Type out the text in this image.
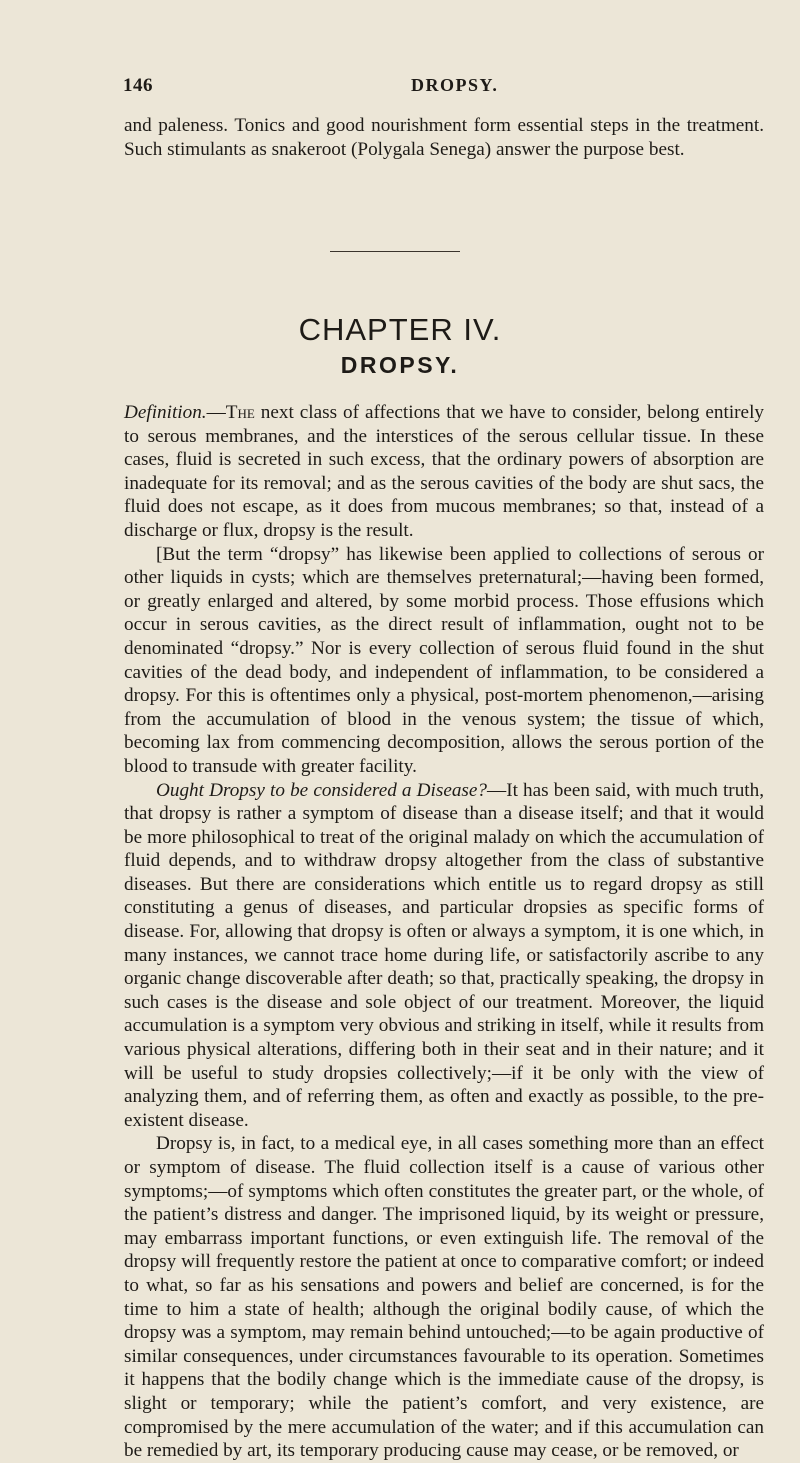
146	DROPSY.
and paleness. Tonics and good nourishment form essential steps in the treatment. Such stimulants as snakeroot (Polygala Senega) answer the purpose best.
CHAPTER IV.
DROPSY.

Definition.—The next class of affections that we have to consider, belong entirely to serous membranes, and the interstices of the serous cellular tissue. In these cases, fluid is secreted in such excess, that the ordinary powers of absorption are inadequate for its removal; and as the serous cavities of the body are shut sacs, the fluid does not escape, as it does from mucous membranes; so that, instead of a discharge or flux, dropsy is the result.

[But the term “dropsy” has likewise been applied to collections of serous or other liquids in cysts; which are themselves preternatural;—having been formed, or greatly enlarged and altered, by some morbid process. Those effusions which occur in serous cavities, as the direct result of inflammation, ought not to be denominated “dropsy.” Nor is every collection of serous fluid found in the shut cavities of the dead body, and independent of inflammation, to be considered a dropsy. For this is oftentimes only a physical, post-mortem phenomenon,—arising from the accumulation of blood in the venous system; the tissue of which, becoming lax from commencing decomposition, allows the serous portion of the blood to transude with greater facility.

Ought Dropsy to be considered a Disease?—It has been said, with much truth, that dropsy is rather a symptom of disease than a disease itself; and that it would be more philosophical to treat of the original malady on which the accumulation of fluid depends, and to withdraw dropsy altogether from the class of substantive diseases. But there are considerations which entitle us to regard dropsy as still constituting a genus of diseases, and particular dropsies as specific forms of disease. For, allowing that dropsy is often or always a symptom, it is one which, in many instances, we cannot trace home during life, or satisfactorily ascribe to any organic change discoverable after death; so that, practically speaking, the dropsy in such cases is the disease and sole object of our treatment. Moreover, the liquid accumulation is a symptom very obvious and striking in itself, while it results from various physical alterations, differing both in their seat and in their nature; and it will be useful to study dropsies collectively;—if it be only with the view of analyzing them, and of referring them, as often and exactly as possible, to the pre-existent disease.

Dropsy is, in fact, to a medical eye, in all cases something more than an effect or symptom of disease. The fluid collection itself is a cause of various other symptoms;—of symptoms which often constitutes the greater part, or the whole, of the patient’s distress and danger. The imprisoned liquid, by its weight or pressure, may embarrass important functions, or even extinguish life. The removal of the dropsy will frequently restore the patient at once to comparative comfort; or indeed to what, so far as his sensations and powers and belief are concerned, is for the time to him a state of health; although the original bodily cause, of which the dropsy was a symptom, may remain behind untouched;—to be again productive of similar consequences, under circumstances favourable to its operation. Sometimes it happens that the bodily change which is the immediate cause of the dropsy, is slight or temporary; while the patient’s comfort, and very existence, are compromised by the mere accumulation of the water; and if this accumulation can be remedied by art, its temporary producing cause may cease, or be removed, or
